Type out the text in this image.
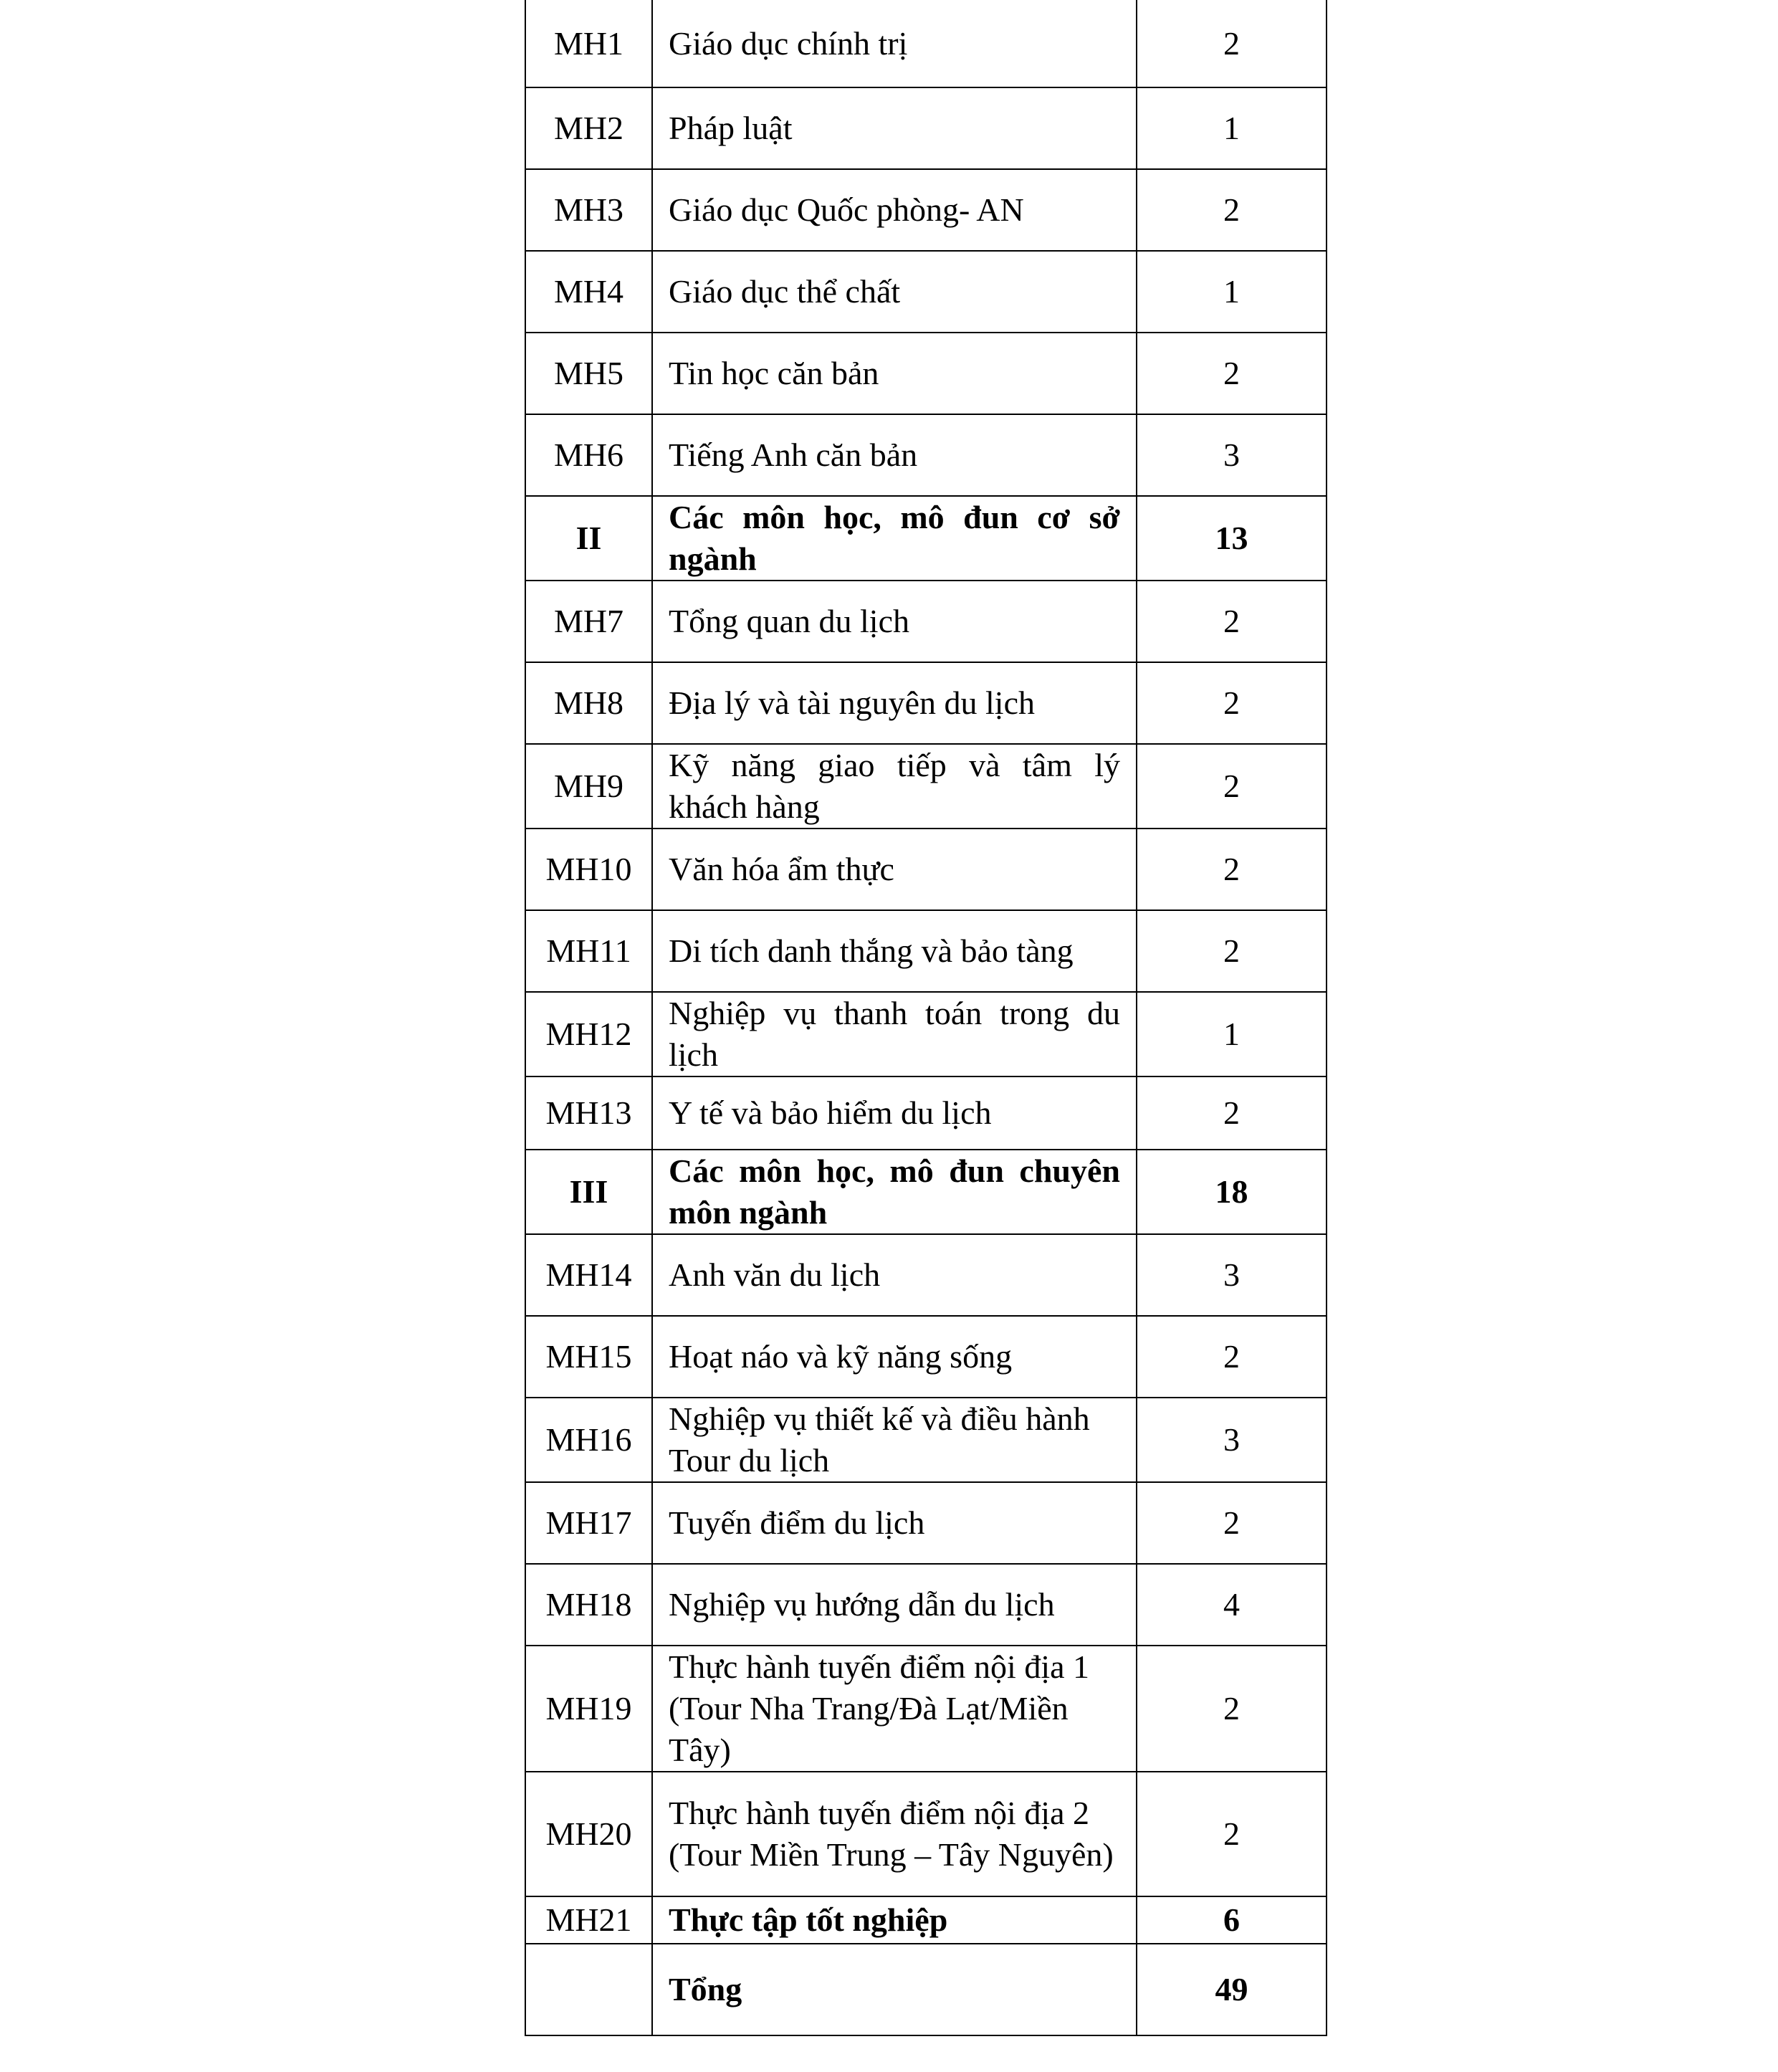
MH1	Giáo dục chính trị	2
MH2	Pháp luật	1
MH3	Giáo dục Quốc phòng- AN	2
MH4	Giáo dục thể chất	1
MH5	Tin học căn bản	2
MH6	Tiếng Anh căn bản	3
II	Các môn học, mô đun cơ sở ngành	13
MH7	Tổng quan du lịch	2
MH8	Địa lý và tài nguyên du lịch	2
MH9	Kỹ năng giao tiếp và tâm lý khách hàng	2
MH10	Văn hóa ẩm thực	2
MH11	Di tích danh thắng và bảo tàng	2
MH12	Nghiệp vụ thanh toán trong du lịch	1
MH13	Y tế và bảo hiểm du lịch	2
III	Các môn học, mô đun chuyên môn ngành	18
MH14	Anh văn du lịch	3
MH15	Hoạt náo và kỹ năng sống	2
MH16	Nghiệp vụ thiết kế và điều hành Tour du lịch	3
MH17	Tuyến điểm du lịch	2
MH18	Nghiệp vụ hướng dẫn du lịch	4
MH19	Thực hành tuyến điểm nội địa 1 (Tour Nha Trang/Đà Lạt/Miền Tây)	2
MH20	Thực hành tuyến điểm nội địa 2 (Tour Miền Trung – Tây Nguyên)	2
MH21	Thực tập tốt nghiệp	6

	Tổng	49
